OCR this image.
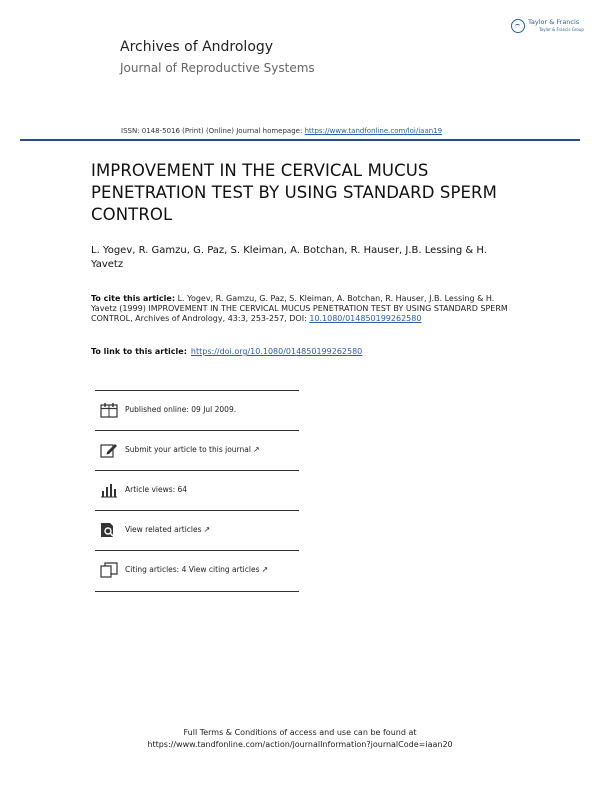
Archives of Andrology
Journal of Reproductive Systems
Taylor & Francis
Taylor & Francis Group
ISSN: 0148-5016 (Print) (Online) Journal homepage: https://www.tandfonline.com/loi/iaan19
IMPROVEMENT IN THE CERVICAL MUCUS PENETRATION TEST BY USING STANDARD SPERM CONTROL
L. Yogev, R. Gamzu, G. Paz, S. Kleiman, A. Botchan, R. Hauser, J.B. Lessing & H. Yavetz
To cite this article: L. Yogev, R. Gamzu, G. Paz, S. Kleiman, A. Botchan, R. Hauser, J.B. Lessing & H. Yavetz (1999) IMPROVEMENT IN THE CERVICAL MUCUS PENETRATION TEST BY USING STANDARD SPERM CONTROL, Archives of Andrology, 43:3, 253-257, DOI: 10.1080/014850199262580
To link to this article: https://doi.org/10.1080/014850199262580
Published online: 09 Jul 2009.
Submit your article to this journal ↗
Article views: 64
View related articles ↗
Citing articles: 4 View citing articles ↗
Full Terms & Conditions of access and use can be found at
https://www.tandfonline.com/action/journalInformation?journalCode=iaan20
